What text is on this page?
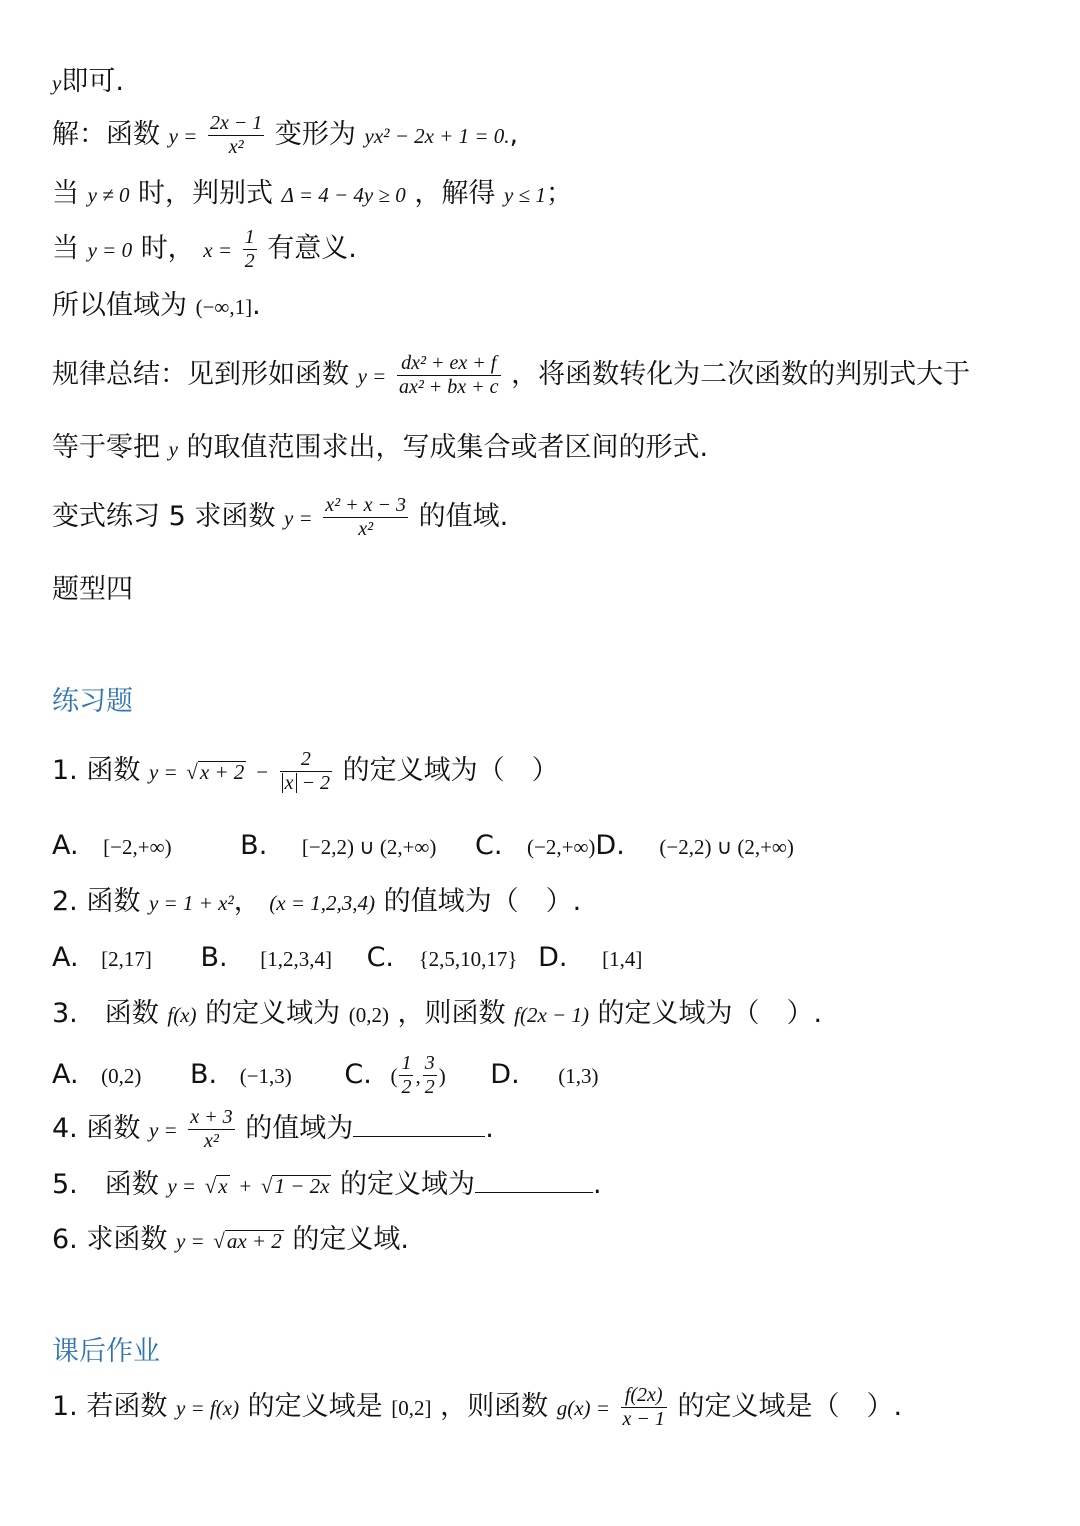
y即可.
解：函数 $y = \frac{2x - 1}{\text{x²}}$ 变形为 yx² − 2x + 1 = 0.,
当 y ≠ 0 时，判别式 Δ = 4 − 4y ≥ 0 ，解得 y ≤ 1；
当 y = 0 时， $x = \frac{1}{2}$ 有意义.
所以值域为 (−∞,1].
规律总结：见到形如函数 $y = \frac{\text{dx² + ex + f}}{\text{ax² + bx + c}}$ ，将函数转化为二次函数的判别式大于
等于零把 y 的取值范围求出，写成集合或者区间的形式.
变式练习 5 求函数 $y = \frac{\text{x² + x − 3}}{\text{x²}}$ 的值域.
题型四
练习题
1. 函数 $y = √x + 2 - \frac{2}{x - 2}$ 的定义域为（　）
A. [−2,+∞)	B. [−2,2) ∪ (2,+∞) C. (−2,+∞)D. (−2,2) ∪ (2,+∞)
2. 函数 y = 1 + x²， (x = 1,2,3,4) 的值域为（　）.
A. [2,17] B. [1,2,3,4] C. {2,5,10,17} D. [1,4]
3.　函数 f(x) 的定义域为 (0,2) ，则函数 f(2x − 1) 的定义域为（　）.
A. (0,2) B. (−1,3) C. ( $\frac{1}{2}$ , $\frac{3}{2}$ ) D. (1,3)
4. 函数 $y = \frac{x + 3}{\text{x²}}$ 的值域为	.
5.　函数 y = √x + √1 − 2x 的定义域为	.
6. 求函数 y = √ax + 2 的定义域.
课后作业
1. 若函数 y = f(x) 的定义域是 [0,2] ，则函数 $g(x) = \frac{f(2x)}{x - 1}$ 的定义域是（　）.
